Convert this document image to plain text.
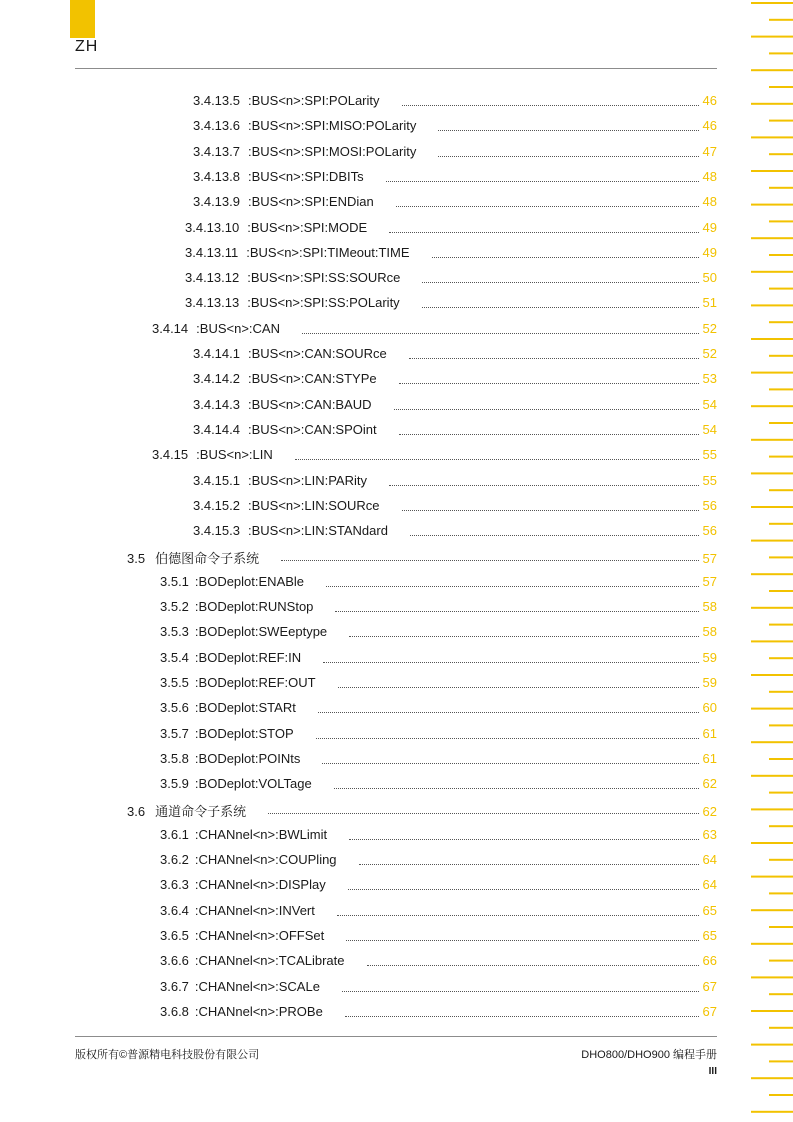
ZH
3.4.13.5 :BUS<n>:SPI:POLarity	46
3.4.13.6 :BUS<n>:SPI:MISO:POLarity	46
3.4.13.7 :BUS<n>:SPI:MOSI:POLarity	47
3.4.13.8 :BUS<n>:SPI:DBITs	48
3.4.13.9 :BUS<n>:SPI:ENDian	48
3.4.13.10 :BUS<n>:SPI:MODE	49
3.4.13.11 :BUS<n>:SPI:TIMeout:TIME	49
3.4.13.12 :BUS<n>:SPI:SS:SOURce	50
3.4.13.13 :BUS<n>:SPI:SS:POLarity	51
3.4.14 :BUS<n>:CAN	52
3.4.14.1 :BUS<n>:CAN:SOURce	52
3.4.14.2 :BUS<n>:CAN:STYPe	53
3.4.14.3 :BUS<n>:CAN:BAUD	54
3.4.14.4 :BUS<n>:CAN:SPOint	54
3.4.15 :BUS<n>:LIN	55
3.4.15.1 :BUS<n>:LIN:PARity	55
3.4.15.2 :BUS<n>:LIN:SOURce	56
3.4.15.3 :BUS<n>:LIN:STANdard	56
3.5 伯德图命令子系统	57
3.5.1 :BODeplot:ENABle	57
3.5.2 :BODeplot:RUNStop	58
3.5.3 :BODeplot:SWEeptype	58
3.5.4 :BODeplot:REF:IN	59
3.5.5 :BODeplot:REF:OUT	59
3.5.6 :BODeplot:STARt	60
3.5.7 :BODeplot:STOP	61
3.5.8 :BODeplot:POINts	61
3.5.9 :BODeplot:VOLTage	62
3.6 通道命令子系统	62
3.6.1 :CHANnel<n>:BWLimit	63
3.6.2 :CHANnel<n>:COUPling	64
3.6.3 :CHANnel<n>:DISPlay	64
3.6.4 :CHANnel<n>:INVert	65
3.6.5 :CHANnel<n>:OFFSet	65
3.6.6 :CHANnel<n>:TCALibrate	66
3.6.7 :CHANnel<n>:SCALe	67
3.6.8 :CHANnel<n>:PROBe	67
版权所有©普源精电科技股份有限公司	DHO800/DHO900 编程手册
III
